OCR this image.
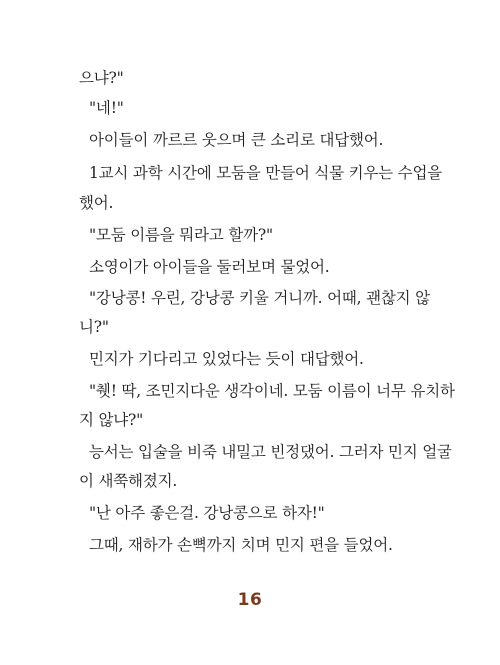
으냐?"
"네!"
아이들이 까르르 웃으며 큰 소리로 대답했어.
1교시 과학 시간에 모둠을 만들어 식물 키우는 수업을
했어.
"모둠 이름을 뭐라고 할까?"
소영이가 아이들을 둘러보며 물었어.
"강낭콩! 우린, 강낭콩 키울 거니까. 어때, 괜찮지 않
니?"
민지가 기다리고 있었다는 듯이 대답했어.
"췟! 딱, 조민지다운 생각이네. 모둠 이름이 너무 유치하
지 않냐?"
능서는 입술을 비죽 내밀고 빈정댔어. 그러자 민지 얼굴
이 새쭉해졌지.
"난 아주 좋은걸. 강낭콩으로 하자!"
그때, 재하가 손뼉까지 치며 민지 편을 들었어.
16
